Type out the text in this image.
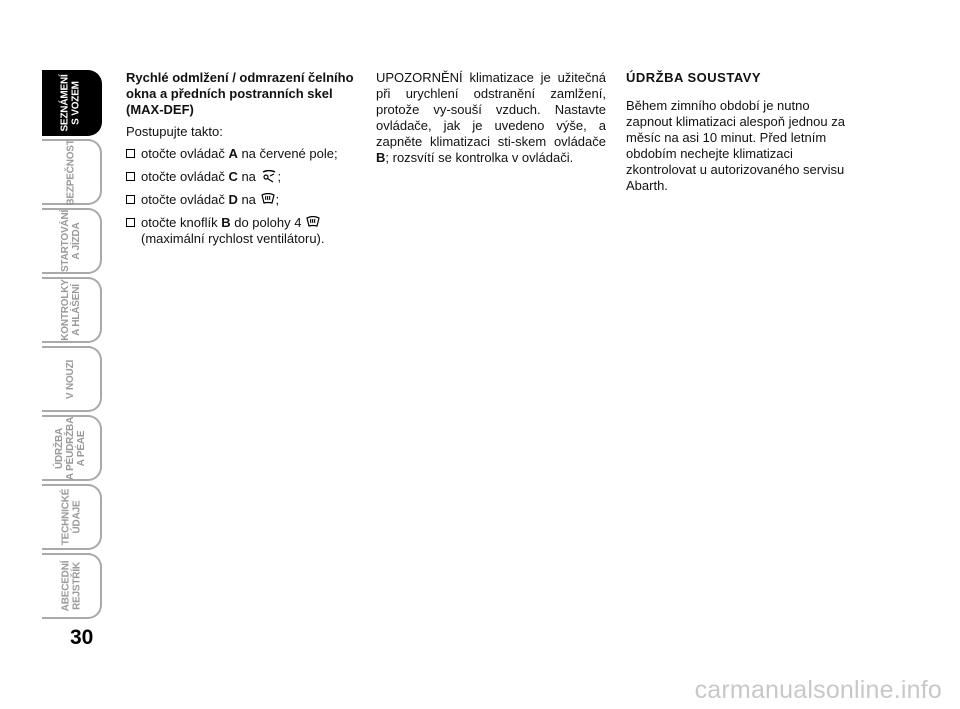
SEZNÁMENÍ
S VOZEM
BEZPEČNOST
STARTOVÁNÍ
A JÍZDA
KONTROLKY
A HLÁŠENÍ
V NOUZI
ÚDRŽBA
A PÉUDRŽBA
A PÉAE
TECHNICKÉ
ÚDAJE
ABECEDNÍ
REJSTŘÍK
30
Rychlé odmlžení / odmrazení čelního okna a předních postranních skel (MAX-DEF)

Postupujte takto:

otočte ovládač A na červené pole;
otočte ovládač C na ;
otočte ovládač D na ;
otočte knoflík B do polohy 4  (maximální rychlost ventilátoru).

UPOZORNĚNÍ klimatizace je užitečná při urychlení odstranění zamlžení, protože vy-souší vzduch. Nastavte ovládače, jak je uvedeno výše, a zapněte klimatizaci sti-skem ovládače B; rozsvítí se kontrolka v ovládači.

ÚDRŽBA SOUSTAVY

Během zimního období je nutno zapnout klimatizaci alespoň jednou za měsíc na asi 10 minut. Před letním obdobím nechejte klimatizaci zkontrolovat u autorizovaného servisu Abarth.

carmanualsonline.info
